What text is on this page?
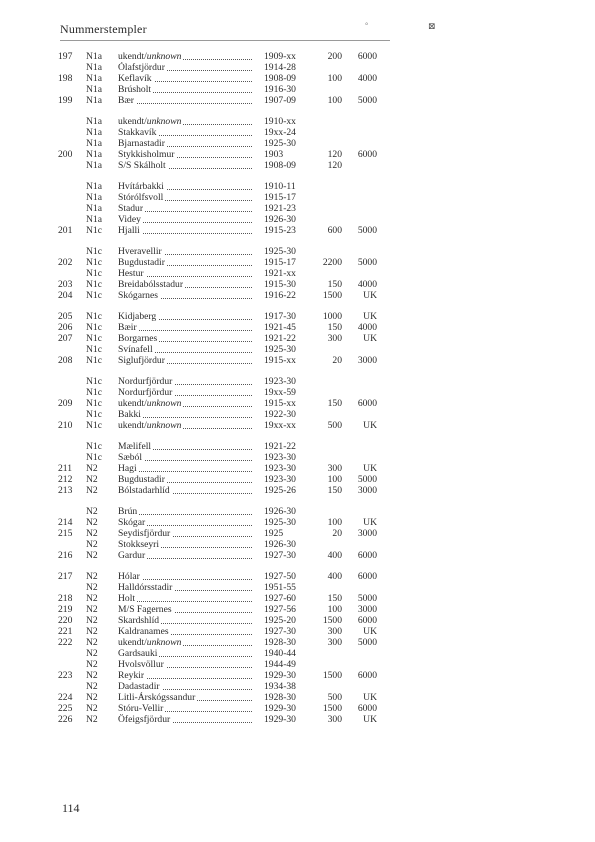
Nummerstempler	°	⊠
197	N1a	ukendt/unknown	1909-xx	200	6000
N1a	Ólafstjördur	1914-28
198	N1a	Keflavík	1908-09	100	4000
N1a	Brúsholt	1916-30
199	N1a	Bær	1907-09	100	5000
N1a	ukendt/unknown	1910-xx
N1a	Stakkavík	19xx-24
N1a	Bjarnastadir	1925-30
200	N1a	Stykkisholmur	1903	120	6000
N1a	S/S Skálholt	1908-09	120
N1a	Hvítárbakki	1910-11
N1a	Stórólfsvoll	1915-17
N1a	Stadur	1921-23
N1a	Videy	1926-30
201	N1c	Hjalli	1915-23	600	5000
N1c	Hveravellir	1925-30
202	N1c	Bugdustadir	1915-17	2200	5000
N1c	Hestur	1921-xx
203	N1c	Breidabólsstadur	1915-30	150	4000
204	N1c	Skógarnes	1916-22	1500	UK
205	N1c	Kidjaberg	1917-30	1000	UK
206	N1c	Bæir	1921-45	150	4000
207	N1c	Borgarnes	1921-22	300	UK
N1c	Svínafell	1925-30
208	N1c	Siglufjördur	1915-xx	20	3000
N1c	Nordurfjördur	1923-30
N1c	Nordurfjördur	19xx-59
209	N1c	ukendt/unknown	1915-xx	150	6000
N1c	Bakki	1922-30
210	N1c	ukendt/unknown	19xx-xx	500	UK
N1c	Mælifell	1921-22
N1c	Sæból	1923-30
211	N2	Hagi	1923-30	300	UK
212	N2	Bugdustadir	1923-30	100	5000
213	N2	Bólstadarhlíd	1925-26	150	3000
N2	Brún	1926-30
214	N2	Skógar	1925-30	100	UK
215	N2	Seydisfjördur	1925	20	3000
N2	Stokkseyri	1926-30
216	N2	Gardur	1927-30	400	6000
217	N2	Hólar	1927-50	400	6000
N2	Halldórsstadir	1951-55
218	N2	Holt	1927-60	150	5000
219	N2	M/S Fagernes	1927-56	100	3000
220	N2	Skardshlíd	1925-20	1500	6000
221	N2	Kaldranames	1927-30	300	UK
222	N2	ukendt/unknown	1928-30	300	5000
N2	Gardsauki	1940-44
N2	Hvolsvöllur	1944-49
223	N2	Reykir	1929-30	1500	6000
N2	Dadastadir	1934-38
224	N2	Litli-Árskógssandur	1928-30	500	UK
225	N2	Stóru-Vellir	1929-30	1500	6000
226	N2	Öfeigsfjördur	1929-30	300	UK
114
